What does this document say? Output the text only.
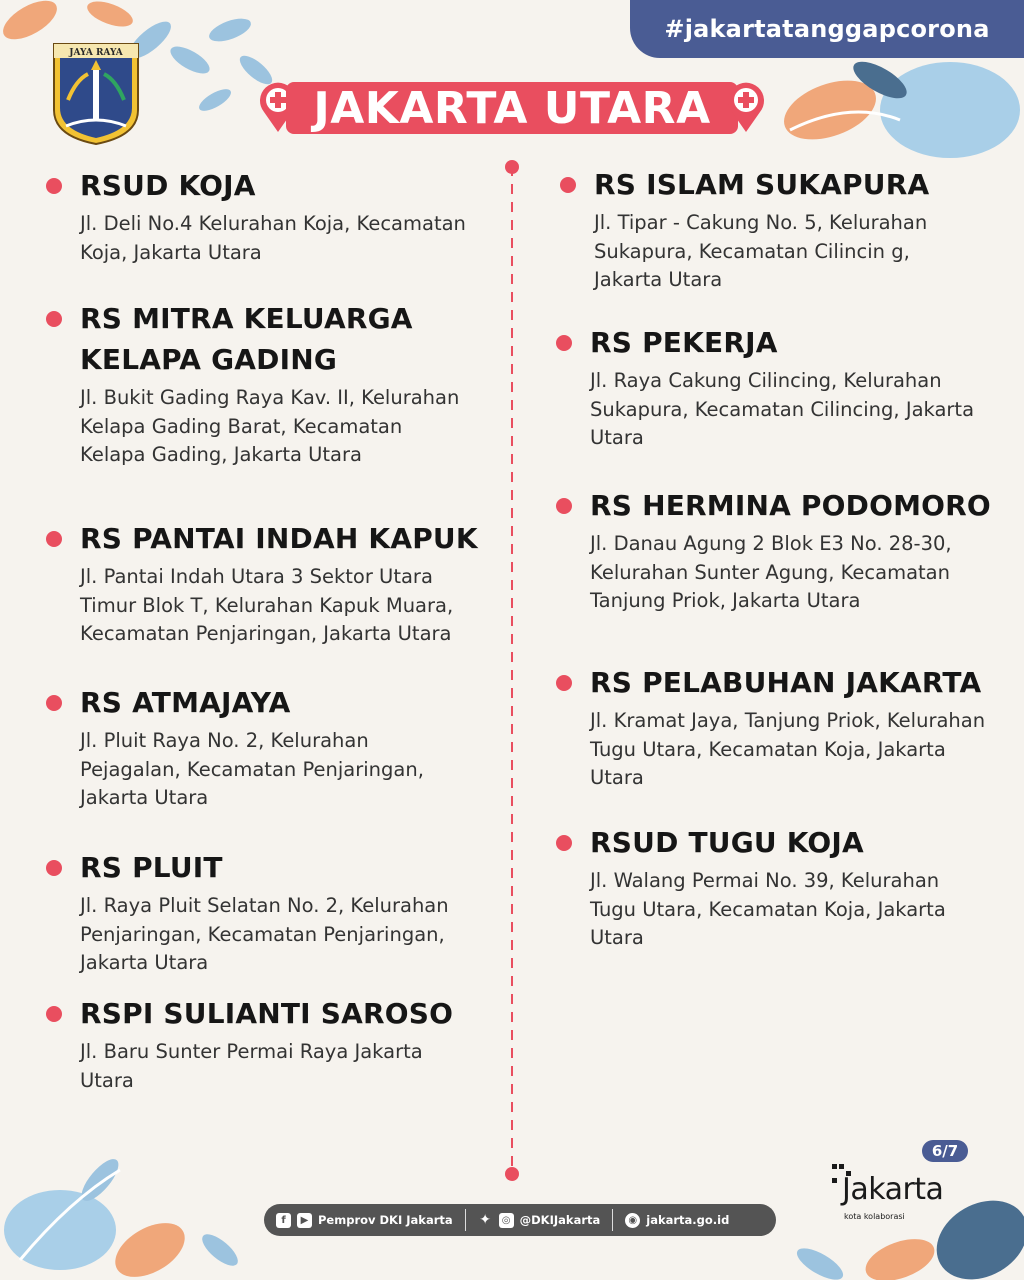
#jakartatanggapcorona
JAYA RAYA
JAKARTA UTARA
RSUD KOJA
Jl. Deli No.4 Kelurahan Koja, Kecamatan Koja, Jakarta Utara
RS MITRA KELUARGA KELAPA GADING
Jl. Bukit Gading Raya Kav. II, Kelurahan Kelapa Gading Barat, Kecamatan Kelapa Gading, Jakarta Utara
RS PANTAI INDAH KAPUK
Jl. Pantai Indah Utara 3 Sektor Utara Timur Blok T, Kelurahan Kapuk Muara, Kecamatan Penjaringan, Jakarta Utara
RS ATMAJAYA
Jl. Pluit Raya No. 2, Kelurahan Pejagalan, Kecamatan Penjaringan, Jakarta Utara
RS PLUIT
Jl. Raya Pluit Selatan No. 2, Kelurahan Penjaringan, Kecamatan Penjaringan, Jakarta Utara
RSPI SULIANTI SAROSO
Jl. Baru Sunter Permai Raya Jakarta Utara
RS ISLAM SUKAPURA
Jl. Tipar - Cakung No. 5, Kelurahan Sukapura, Kecamatan Cilincin g, Jakarta Utara
RS PEKERJA
Jl. Raya Cakung Cilincing, Kelurahan Sukapura, Kecamatan Cilincing, Jakarta Utara
RS HERMINA PODOMORO
Jl. Danau Agung 2 Blok E3 No. 28-30, Kelurahan Sunter Agung, Kecamatan Tanjung Priok, Jakarta Utara
RS PELABUHAN JAKARTA
Jl. Kramat Jaya, Tanjung Priok, Kelurahan Tugu Utara, Kecamatan Koja, Jakarta Utara
RSUD TUGU KOJA
Jl. Walang Permai No. 39, Kelurahan Tugu Utara, Kecamatan Koja, Jakarta Utara
6/7
Jakarta
kota kolaborasi
f	▶ Pemprov DKI Jakarta ✦	◎ @DKIJakarta	◉ jakarta.go.id
